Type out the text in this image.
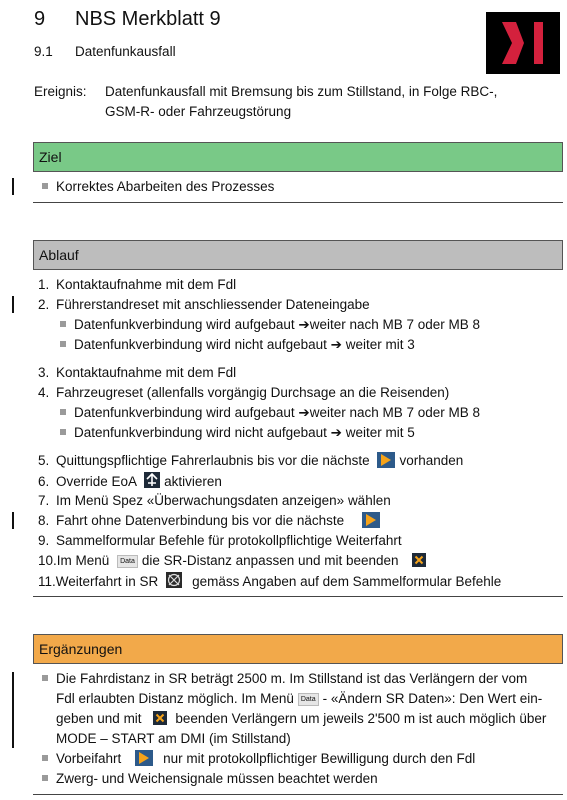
9 NBS Merkblatt 9
9.1 Datenfunkausfall
Ereignis: Datenfunkausfall mit Bremsung bis zum Stillstand, in Folge RBC-,
GSM-R- oder Fahrzeugstörung
Ziel
Korrektes Abarbeiten des Prozesses
Ablauf
1. Kontaktaufnahme mit dem Fdl
2. Führerstandreset mit anschliessender Dateneingabe
Datenfunkverbindung wird aufgebaut ➔weiter nach MB 7 oder MB 8
Datenfunkverbindung wird nicht aufgebaut ➔ weiter mit 3
3. Kontaktaufnahme mit dem Fdl
4. Fahrzeugreset (allenfalls vorgängig Durchsage an die Reisenden)
Datenfunkverbindung wird aufgebaut ➔weiter nach MB 7 oder MB 8
Datenfunkverbindung wird nicht aufgebaut ➔ weiter mit 5
5. Quittungspflichtige Fahrerlaubnis bis vor die nächste vorhanden
6. Override EoA aktivieren
7. Im Menü Spez «Überwachungsdaten anzeigen» wählen
8. Fahrt ohne Datenverbindung bis vor die nächste
9. Sammelformular Befehle für protokollpflichtige Weiterfahrt
10.Im Menü Data die SR-Distanz anpassen und mit beenden
11.Weiterfahrt in SR	gemäss Angaben auf dem Sammelformular Befehle
Ergänzungen
Die Fahrdistanz in SR beträgt 2500 m. Im Stillstand ist das Verlängern der vom
Fdl erlaubten Distanz möglich. Im Menü Data - «Ändern SR Daten»: Den Wert ein-
geben und mit	beenden Verlängern um jeweils 2'500 m ist auch möglich über
MODE – START am DMI (im Stillstand)
Vorbeifahrt	nur mit protokollpflichtiger Bewilligung durch den Fdl
Zwerg- und Weichensignale müssen beachtet werden
